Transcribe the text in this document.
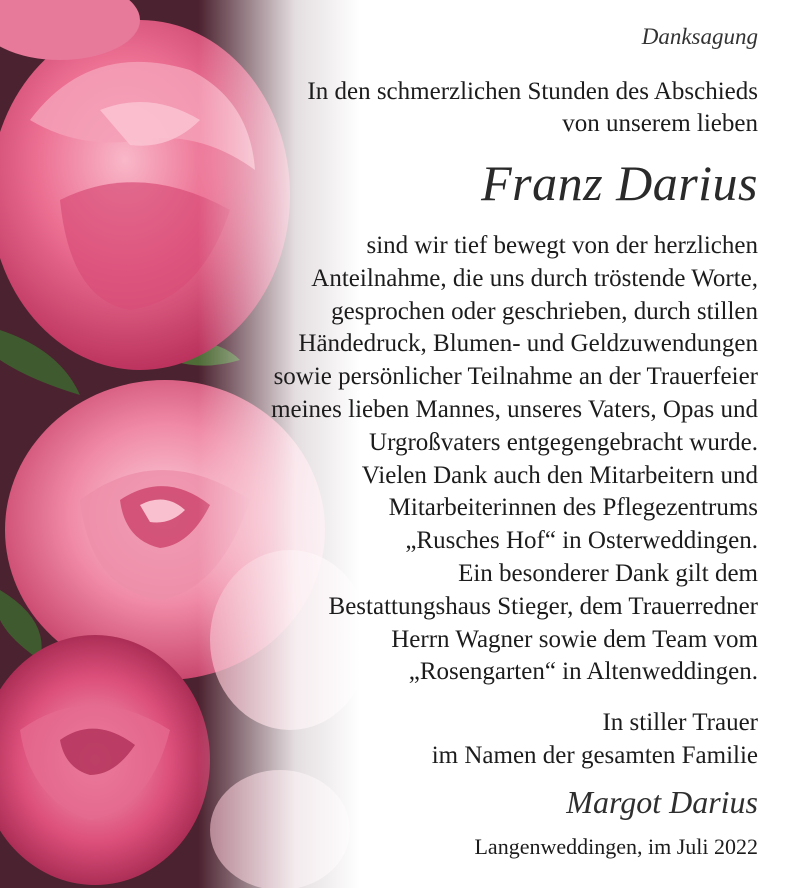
Danksagung
In den schmerzlichen Stunden des Abschieds
von unserem lieben
Franz Darius
sind wir tief bewegt von der herzlichen
Anteilnahme, die uns durch tröstende Worte,
gesprochen oder geschrieben, durch stillen
Händedruck, Blumen- und Geldzuwendungen
sowie persönlicher Teilnahme an der Trauerfeier
meines lieben Mannes, unseres Vaters, Opas und
Urgroßvaters entgegengebracht wurde.
Vielen Dank auch den Mitarbeitern und
Mitarbeiterinnen des Pflegezentrums
„Rusches Hof“ in Osterweddingen.
Ein besonderer Dank gilt dem
Bestattungshaus Stieger, dem Trauerredner
Herrn Wagner sowie dem Team vom
„Rosengarten“ in Altenweddingen.
In stiller Trauer
im Namen der gesamten Familie
Margot Darius
Langenweddingen, im Juli 2022
